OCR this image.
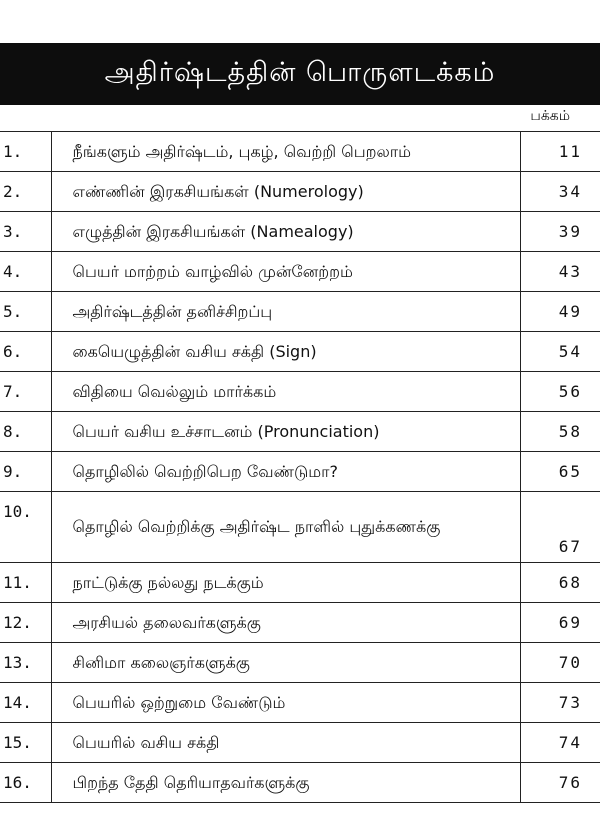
அதிர்ஷ்டத்தின் பொருளடக்கம்
பக்கம்
1.	நீங்களும் அதிர்ஷ்டம், புகழ், வெற்றி பெறலாம்	11
2.	எண்ணின் இரகசியங்கள் (Numerology)	34
3.	எழுத்தின் இரகசியங்கள் (Namealogy)	39
4.	பெயர் மாற்றம் வாழ்வில் முன்னேற்றம்	43
5.	அதிர்ஷ்டத்தின் தனிச்சிறப்பு	49
6.	கையெழுத்தின் வசிய சக்தி (Sign)	54
7.	விதியை வெல்லும் மார்க்கம்	56
8.	பெயர் வசிய உச்சாடனம் (Pronunciation)	58
9.	தொழிலில் வெற்றிபெற வேண்டுமா?	65
10.	தொழில் வெற்றிக்கு அதிர்ஷ்ட நாளில் புதுக்கணக்கு	67
11.	நாட்டுக்கு நல்லது நடக்கும்	68
12.	அரசியல் தலைவர்களுக்கு	69
13.	சினிமா கலைஞர்களுக்கு	70
14.	பெயரில் ஒற்றுமை வேண்டும்	73
15.	பெயரில் வசிய சக்தி	74
16.	பிறந்த தேதி தெரியாதவர்களுக்கு	76
